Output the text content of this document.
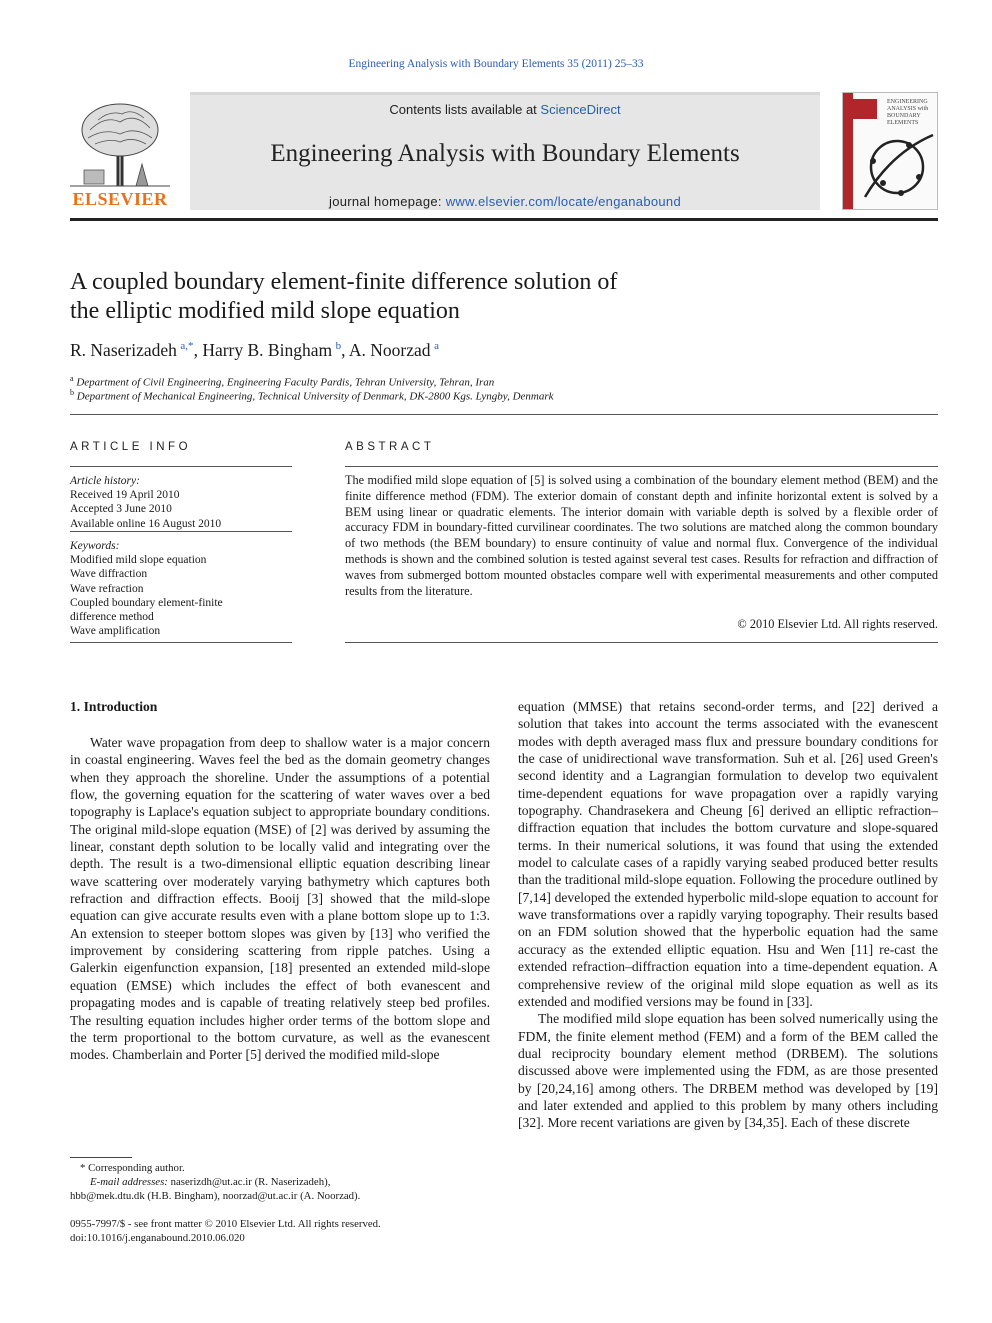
Engineering Analysis with Boundary Elements 35 (2011) 25–33
ELSEVIER
Contents lists available at ScienceDirect
Engineering Analysis with Boundary Elements
journal homepage: www.elsevier.com/locate/enganabound
ENGINEERING
ANALYSIS with
BOUNDARY
ELEMENTS
A coupled boundary element-finite difference solution of
the elliptic modified mild slope equation
R. Naserizadeh  $^{a,*}$, Harry B. Bingham  $^b$, A. Noorzad  $^a$
$^a$ Department of Civil Engineering, Engineering Faculty Pardis, Tehran University, Tehran, Iran
$^b$ Department of Mechanical Engineering, Technical University of Denmark, DK-2800 Kgs. Lyngby, Denmark
ARTICLE INFO
Article history:
Received 19 April 2010
Accepted 3 June 2010
Available online 16 August 2010
Keywords:
Modified mild slope equation
Wave diffraction
Wave refraction
Coupled boundary element-finite
difference method
Wave amplification
ABSTRACT
The modified mild slope equation of [5] is solved using a combination of the boundary element method (BEM) and the finite difference method (FDM). The exterior domain of constant depth and infinite horizontal extent is solved by a BEM using linear or quadratic elements. The interior domain with variable depth is solved by a flexible order of accuracy FDM in boundary-fitted curvilinear coordinates. The two solutions are matched along the common boundary of two methods (the BEM boundary) to ensure continuity of value and normal flux. Convergence of the individual methods is shown and the combined solution is tested against several test cases. Results for refraction and diffraction of waves from submerged bottom mounted obstacles compare well with experimental measurements and other computed results from the literature.
© 2010 Elsevier Ltd. All rights reserved.
1. Introduction

Water wave propagation from deep to shallow water is a major concern in coastal engineering. Waves feel the bed as the domain geometry changes when they approach the shoreline. Under the assumptions of a potential flow, the governing equation for the scattering of water waves over a bed topography is Laplace's equation subject to appropriate boundary conditions. The original mild-slope equation (MSE) of [2] was derived by assuming the linear, constant depth solution to be locally valid and integrating over the depth. The result is a two-dimensional elliptic equation describing linear wave scattering over moderately varying bathymetry which captures both refraction and diffraction effects. Booij [3] showed that the mild-slope equation can give accurate results even with a plane bottom slope up to 1:3. An extension to steeper bottom slopes was given by [13] who verified the improvement by considering scattering from ripple patches. Using a Galerkin eigenfunction expansion, [18] presented an extended mild-slope equation (EMSE) which includes the effect of both evanescent and propagating modes and is capable of treating relatively steep bed profiles. The resulting equation includes higher order terms of the bottom slope and the term proportional to the bottom curvature, as well as the evanescent modes. Chamberlain and Porter [5] derived the modified mild-slope

equation (MMSE) that retains second-order terms, and [22] derived a solution that takes into account the terms associated with the evanescent modes with depth averaged mass flux and pressure boundary conditions for the case of unidirectional wave transformation. Suh et al. [26] used Green's second identity and a Lagrangian formulation to develop two equivalent time-dependent equations for wave propagation over a rapidly varying topography. Chandrasekera and Cheung [6] derived an elliptic refraction–diffraction equation that includes the bottom curvature and slope-squared terms. In their numerical solutions, it was found that using the extended model to calculate cases of a rapidly varying seabed produced better results than the traditional mild-slope equation. Following the procedure outlined by [7,14] developed the extended hyperbolic mild-slope equation to account for wave transformations over a rapidly varying topography. Their results based on an FDM solution showed that the hyperbolic equation had the same accuracy as the extended elliptic equation. Hsu and Wen [11] re-cast the extended refraction–diffraction equation into a time-dependent equation. A comprehensive review of the original mild slope equation as well as its extended and modified versions may be found in [33].

The modified mild slope equation has been solved numerically using the FDM, the finite element method (FEM) and a form of the BEM called the dual reciprocity boundary element method (DRBEM). The solutions discussed above were implemented using the FDM, as are those presented by [20,24,16] among others. The DRBEM method was developed by [19] and later extended and applied to this problem by many others including [32]. More recent variations are given by [34,35]. Each of these discrete

* Corresponding author.
E-mail addresses: naserizdh@ut.ac.ir (R. Naserizadeh),
hbb@mek.dtu.dk (H.B. Bingham), noorzad@ut.ac.ir (A. Noorzad).
0955-7997/$ - see front matter © 2010 Elsevier Ltd. All rights reserved.
doi:10.1016/j.enganabound.2010.06.020
